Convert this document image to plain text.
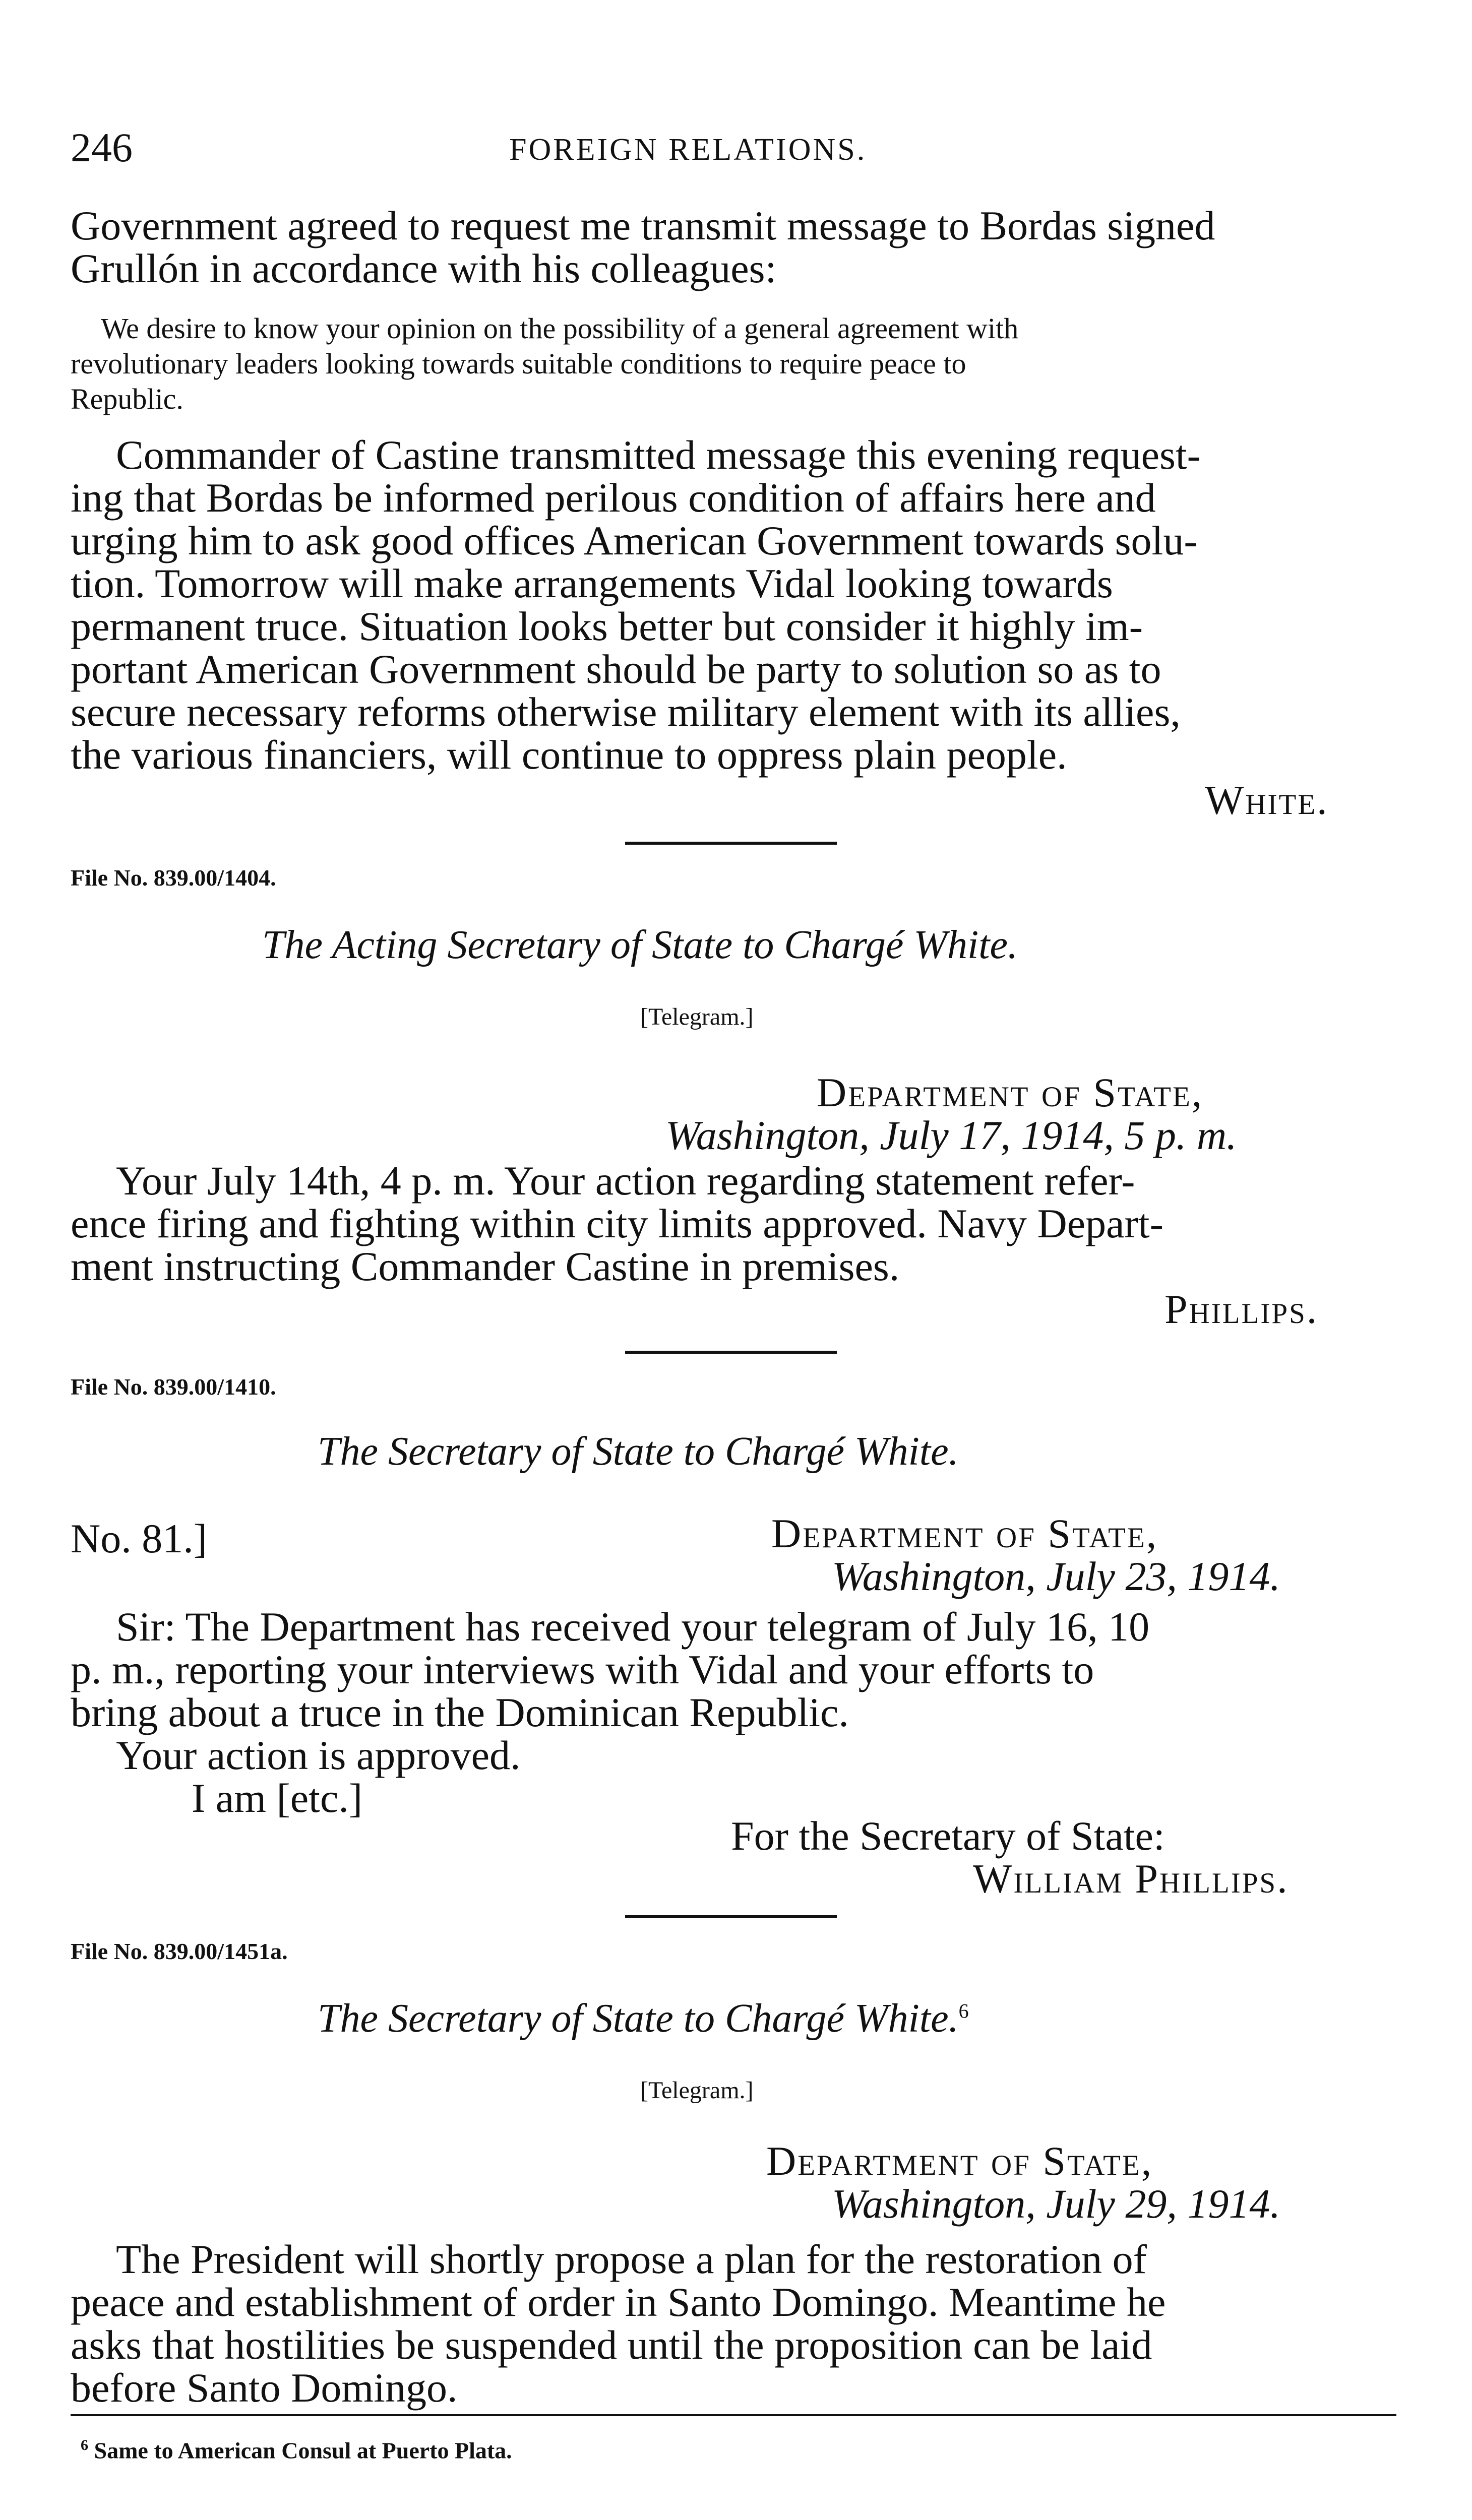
246	FOREIGN RELATIONS.
Government agreed to request me transmit message to Bordas signed
Grullón in accordance with his colleagues:
We desire to know your opinion on the possibility of a general agreement with
revolutionary leaders looking towards suitable conditions to require peace to
Republic.
Commander of Castine transmitted message this evening request-
ing that Bordas be informed perilous condition of affairs here and
urging him to ask good offices American Government towards solu-
tion. Tomorrow will make arrangements Vidal looking towards
permanent truce. Situation looks better but consider it highly im-
portant American Government should be party to solution so as to
secure necessary reforms otherwise military element with its allies,
the various financiers, will continue to oppress plain people.
White.
File No. 839.00/1404.
The Acting Secretary of State to Chargé White.
[Telegram.]
Department of State,
Washington, July 17, 1914, 5 p. m.
Your July 14th, 4 p. m. Your action regarding statement refer-
ence firing and fighting within city limits approved. Navy Depart-
ment instructing Commander Castine in premises.
Phillips.
File No. 839.00/1410.
The Secretary of State to Chargé White.
No. 81.]	Department of State,
Washington, July 23, 1914.
Sir: The Department has received your telegram of July 16, 10
p. m., reporting your interviews with Vidal and your efforts to
bring about a truce in the Dominican Republic.
Your action is approved.
I am [etc.]
For the Secretary of State:
William Phillips.
File No. 839.00/1451a.
The Secretary of State to Chargé White.$^6$
[Telegram.]
Department of State,
Washington, July 29, 1914.
The President will shortly propose a plan for the restoration of
peace and establishment of order in Santo Domingo. Meantime he
asks that hostilities be suspended until the proposition can be laid
before Santo Domingo.
$^6$ Same to American Consul at Puerto Plata.
